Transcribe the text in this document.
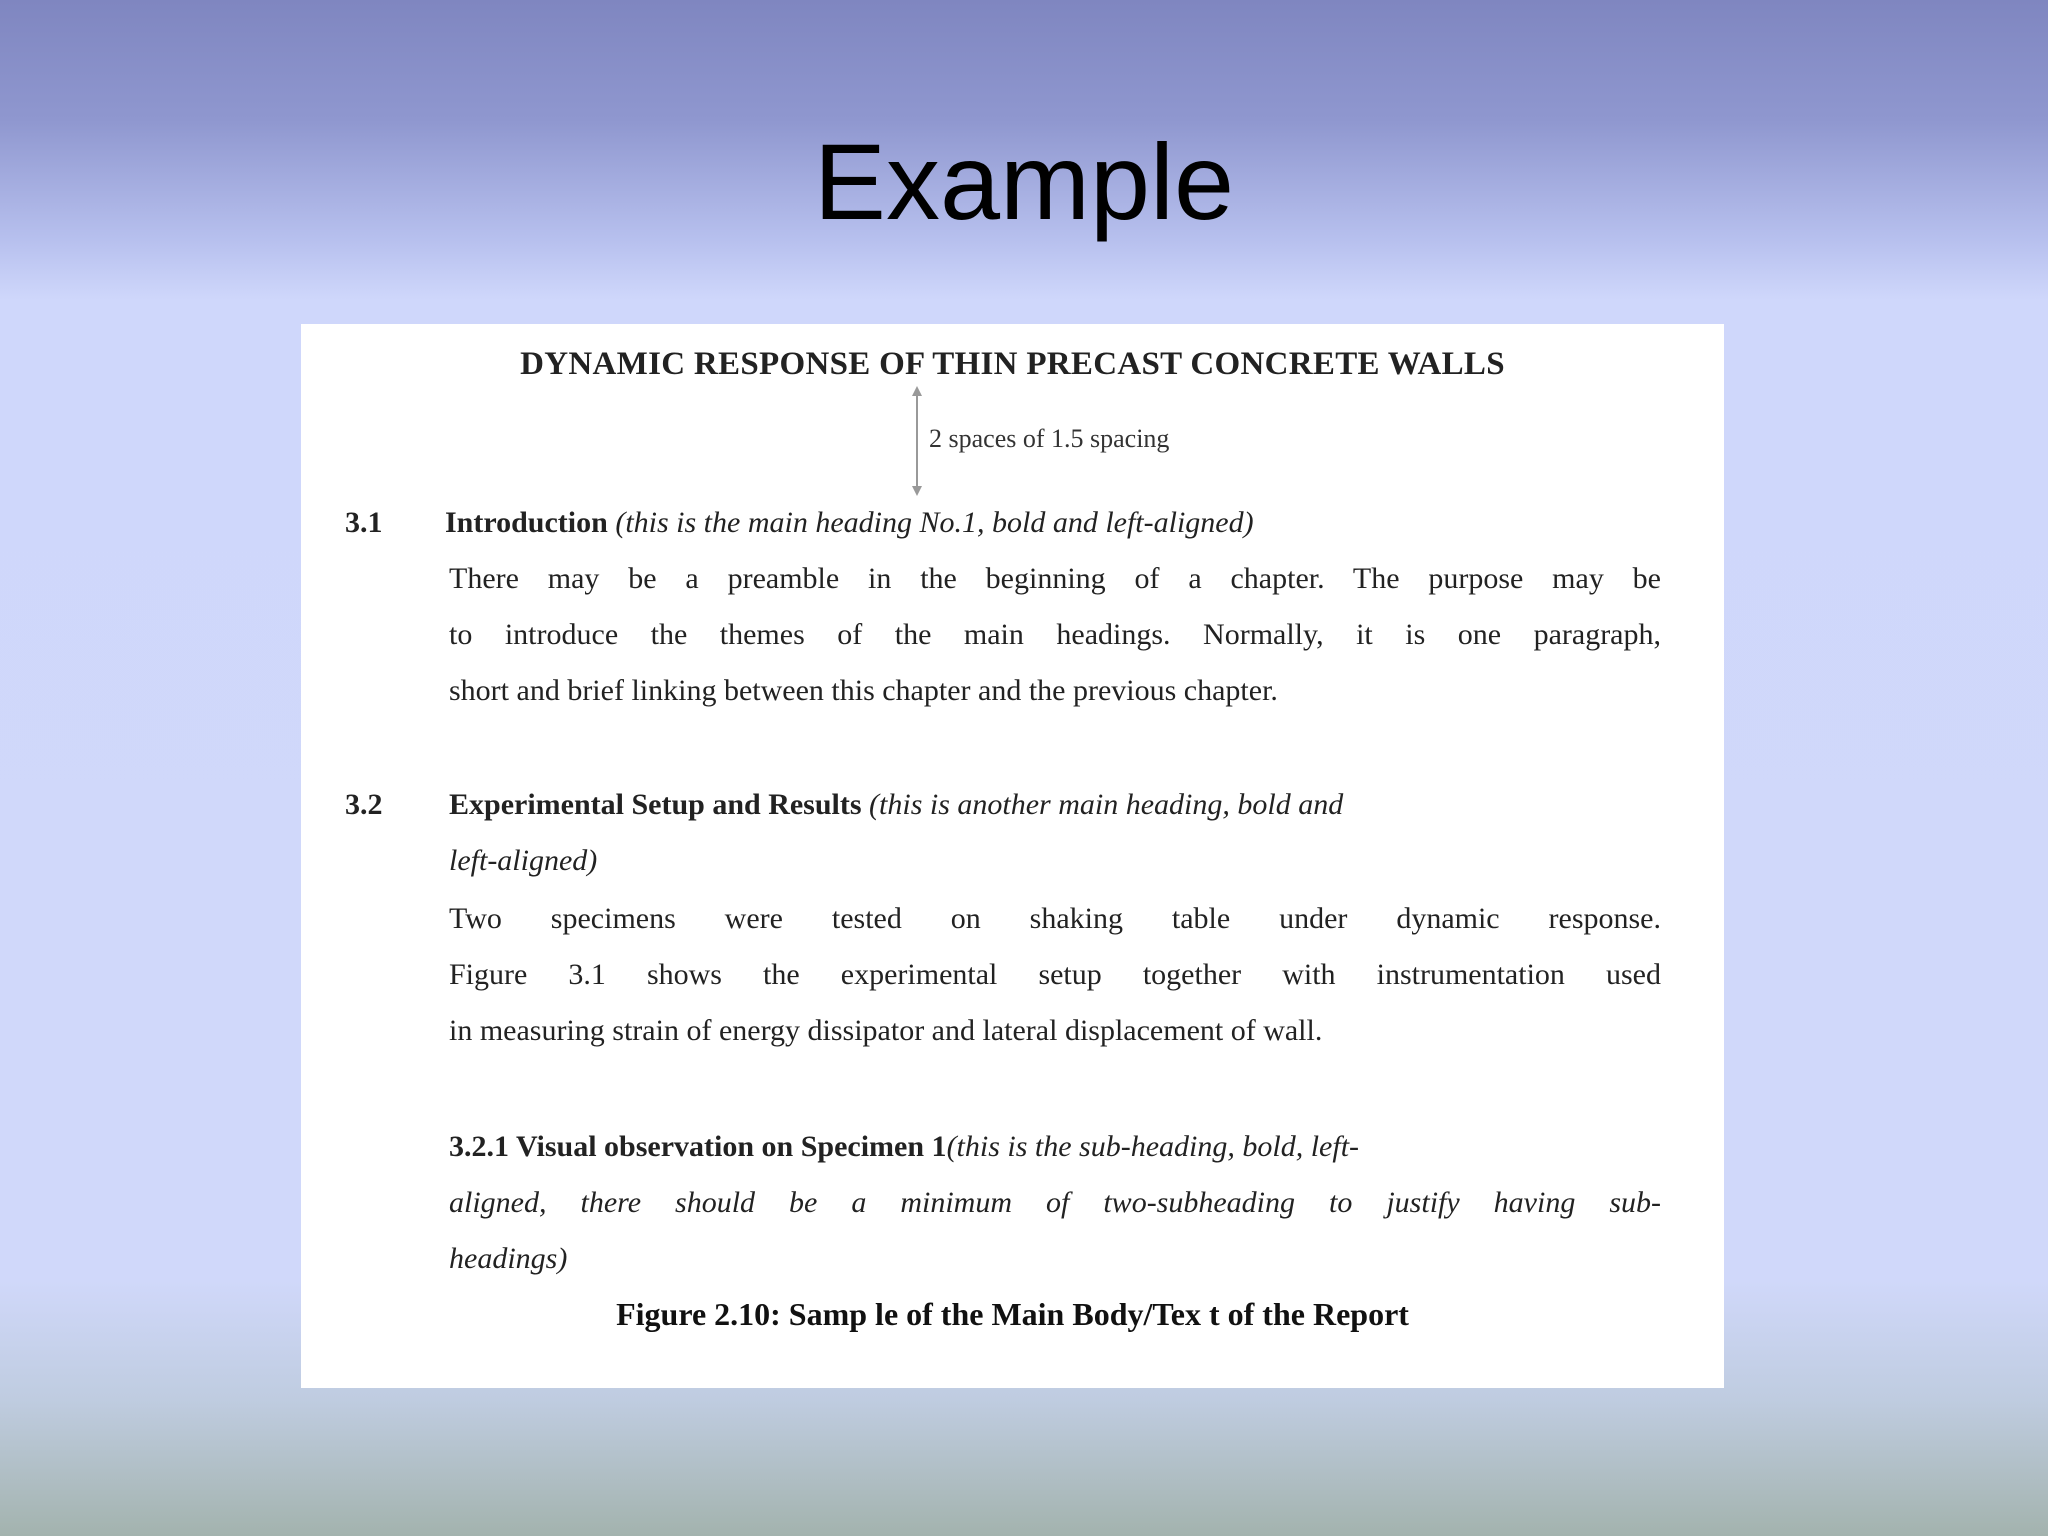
Example
DYNAMIC RESPONSE OF THIN PRECAST CONCRETE WALLS
2 spaces of 1.5 spacing
3.1 Introduction (this is the main heading No.1, bold and left-aligned)
There may be a preamble in the beginning of a chapter. The purpose may be
to introduce the themes of the main headings. Normally, it is one paragraph,
short and brief linking between this chapter and the previous chapter.
3.2 Experimental Setup and Results (this is another main heading, bold and
left-aligned)
Two specimens were tested on shaking table under dynamic response.
Figure 3.1 shows the experimental setup together with instrumentation used
in measuring strain of energy dissipator and lateral displacement of wall.
3.2.1 Visual observation on Specimen 1(this is the sub-heading, bold, left-
aligned, there should be a minimum of two-subheading to justify having sub-
headings)
Figure 2.10: Samp le of the Main Body/Tex t of the Report
